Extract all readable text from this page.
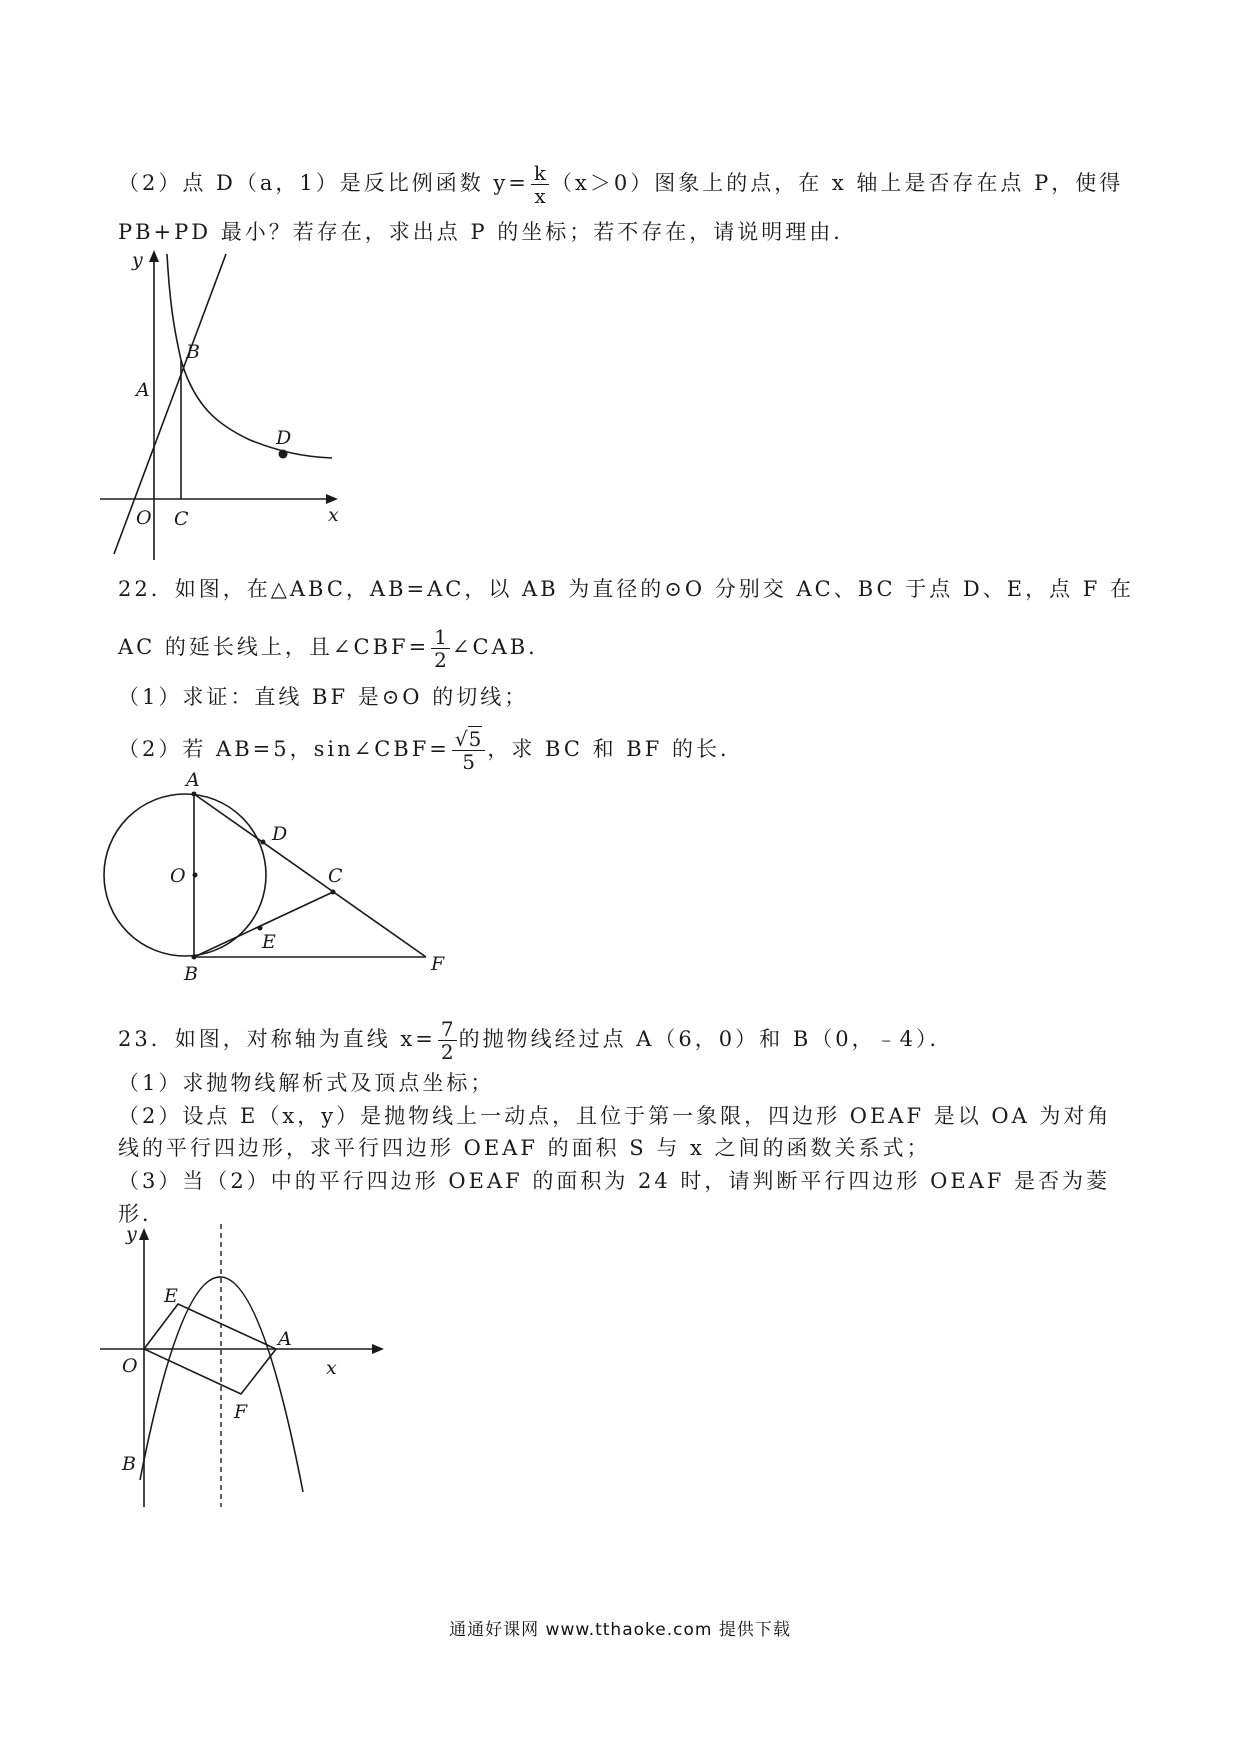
（2）点 D（a，1）是反比例函数 $y= \frac{k}{x} (x>0)$图象上的点，在 x 轴上是否存在点 P，使得
PB+PD 最小？若存在，求出点 P 的坐标；若不存在，请说明理由．
y
x
O C
A
B
D
22．如图，在△ABC，AB=AC，以 AB 为直径的⊙O 分别交 AC、BC 于点 D、E，点 F 在
AC 的延长线上，且∠CBF= $\frac{1}{2}$ ∠CAB．
（1）求证：直线 BF 是⊙O 的切线；
（2）若 AB=5，sin∠CBF= $\frac{√5}{5}$ ，求 BC 和 BF 的长．
A
B
O
D
C
E
F
23．如图，对称轴为直线 $x= \frac{7}{2}$ 的抛物线经过点 A（6，0）和 B（0，﹣4）．
（1）求抛物线解析式及顶点坐标；
（2）设点 E（x，y）是抛物线上一动点，且位于第一象限，四边形 OEAF 是以 OA 为对角
线的平行四边形，求平行四边形 OEAF 的面积 S 与 x 之间的函数关系式；
（3）当（2）中的平行四边形 OEAF 的面积为 24 时，请判断平行四边形 OEAF 是否为菱
形．
y
x
O
A
B
E
F
通通好课网 www.tthaoke.com 提供下载
